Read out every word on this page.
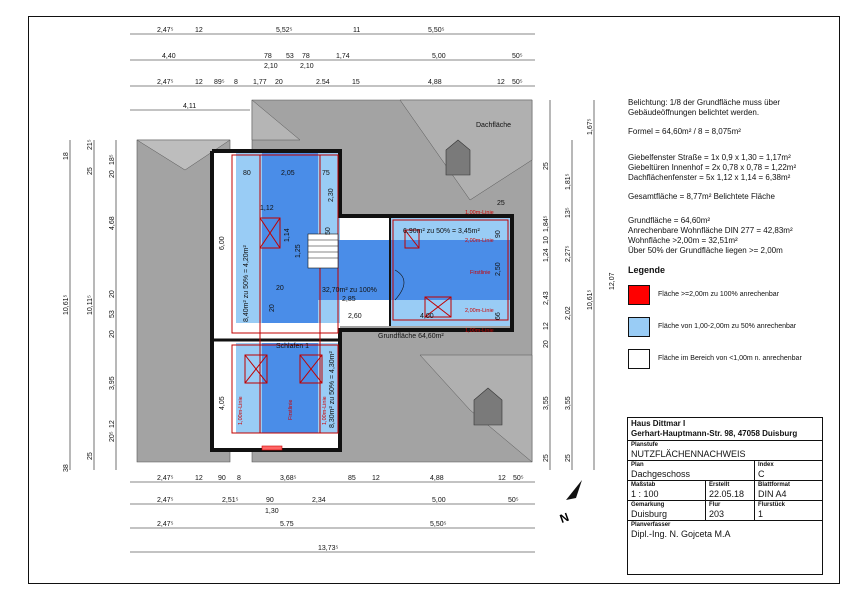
Dachfläche
6,90m² zu 50% = 3,45m²
32,70m² zu 100%
Schlafen 1
Grundfläche 64,60m²
8,40m² zu 50% = 4,20m²
8,30m² zu 50% = 4,30m²
1,00m-Linie
2,00m-Linie
2,00m-Linie
1,00m-Linie
Firstlinie
Firstlinie
1,00m-Linie	1,00m-Linie
80	2,05	75
2,30
1,12
1,14
6,00
1,25
20
2,85
2,60
20
4,00
25
90
2,50
66
50
4,05
2,47⁵	12	5,52⁵	11	5,50⁵
4,40	78 53 78	1,74	5,00	50⁵
2,10	2,10
2,47⁵	12 89⁵ 8 1,77 20	2.54	15	4,88	12 50⁵
4,11
2,47⁵	12 90 8	3,68⁵	85 12	4,88	12 50⁵
2,47⁵	2,51⁵	90	2,34	5,00	50⁵
1,30
2,47⁵	5.75	5,50⁵
13,73⁵
10,61⁵ 10,11⁵
18
21⁵
18⁵
20
25
4,68
20
53
20
3,95
12
20⁵
25
38
12,07
10,61⁵
1,67⁵
25
1,81⁵
13⁵
1,84⁵
10
1,24 2,27⁵
2,43
2,02
12
20
3,55 3,55
25 25

Belichtung: 1/8 der Grundfläche muss über
Gebäudeöffnungen belichtet werden.

Formel = 64,60m² / 8 = 8,075m²

Giebelfenster Straße = 1x 0,9 x 1,30 = 1,17m²
Giebeltüren Innenhof = 2x 0,78 x 0,78 = 1,22m²
Dachflächenfenster = 5x 1,12 x 1,14 = 6,38m²

Gesamtfläche = 8,77m² Belichtete Fläche

Grundfläche = 64,60m²
Anrechenbare Wohnfläche DIN 277 = 42,83m²
Wohnfläche >2,00m = 32,51m²
Über 50% der Grundfläche liegen >= 2,00m

Legende
Fläche >=2,00m zu 100% anrechenbar
Fläche von 1,00-2,00m zu 50% anrechenbar
Fläche im Bereich von <1,00m n. anrechenbar
N
Haus Dittmar I
Gerhart-Hauptmann-Str. 98, 47058 Duisburg
Planstufe
NUTZFLÄCHENNACHWEIS
Plan
Dachgeschoss
Index
C
Maßstab
1 : 100
Erstellt
22.05.18
Blattformat
DIN A4
Gemarkung
Duisburg
Flur
203
Flurstück
1
Planverfasser
Dipl.-Ing. N. Gojceta M.A
